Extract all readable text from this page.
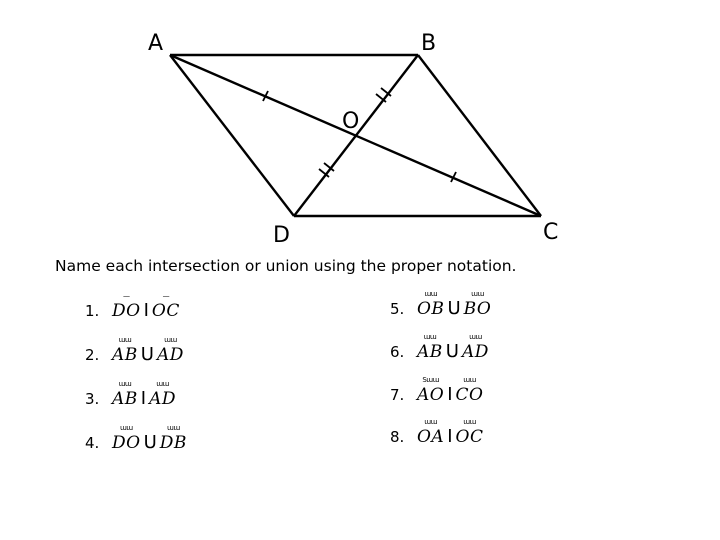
A	B
C
D
O
Name each intersection or union using the proper notation.
1.
—
DO I
—
OC
2.
ɯɯ
AB U
ɯɯ
AD
3.
ɯɯ
AB I
ɯɯ
AD
4.
ɯɯ
DO U
ɯɯ
DB
5.
ɯɯ
OB U
ɯɯ
BO
6.
ɯɯ
AB U
ɯɯ
AD
7.
Sɯɯ
AO I
ɯɯ
CO
8.
ɯɯ
OA I
ɯɯ
OC
